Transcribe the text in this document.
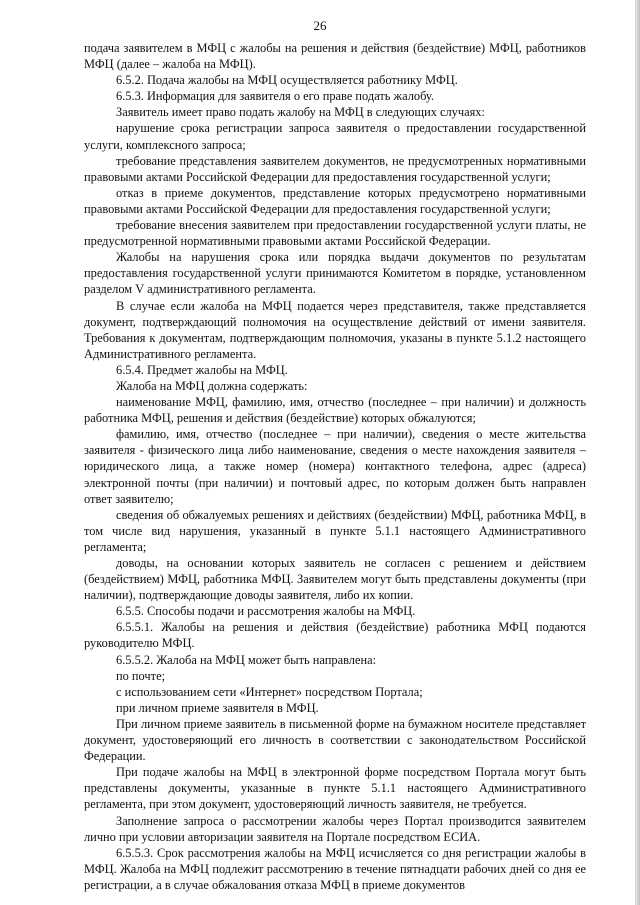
26

подача заявителем в МФЦ с жалобы на решения и действия (бездействие) МФЦ, работников МФЦ (далее – жалоба на МФЦ).

6.5.2. Подача жалобы на МФЦ осуществляется работнику МФЦ.

6.5.3. Информация для заявителя о его праве подать жалобу.

Заявитель имеет право подать жалобу на МФЦ в следующих случаях:

нарушение срока регистрации запроса заявителя о предоставлении государственной услуги, комплексного запроса;

требование представления заявителем документов, не предусмотренных нормативными правовыми актами Российской Федерации для предоставления государственной услуги;

отказ в приеме документов, представление которых предусмотрено нормативными правовыми актами Российской Федерации для предоставления государственной услуги;

требование внесения заявителем при предоставлении государственной услуги платы, не предусмотренной нормативными правовыми актами Российской Федерации.

Жалобы на нарушения срока или порядка выдачи документов по результатам предоставления государственной услуги принимаются Комитетом в порядке, установленном разделом V административного регламента.

В случае если жалоба на МФЦ подается через представителя, также представляется документ, подтверждающий полномочия на осуществление действий от имени заявителя. Требования к документам, подтверждающим полномочия, указаны в пункте 5.1.2 настоящего Административного регламента.

6.5.4. Предмет жалобы на МФЦ.

Жалоба на МФЦ должна содержать:

наименование МФЦ, фамилию, имя, отчество (последнее – при наличии) и должность работника МФЦ, решения и действия (бездействие) которых обжалуются;

фамилию, имя, отчество (последнее – при наличии), сведения о месте жительства заявителя - физического лица либо наименование, сведения о месте нахождения заявителя – юридического лица, а также номер (номера) контактного телефона, адрес (адреса) электронной почты (при наличии) и почтовый адрес, по которым должен быть направлен ответ заявителю;

сведения об обжалуемых решениях и действиях (бездействии) МФЦ, работника МФЦ, в том числе вид нарушения, указанный в пункте 5.1.1 настоящего Административного регламента;

доводы, на основании которых заявитель не согласен с решением и действием (бездействием) МФЦ, работника МФЦ. Заявителем могут быть представлены документы (при наличии), подтверждающие доводы заявителя, либо их копии.

6.5.5. Способы подачи и рассмотрения жалобы на МФЦ.

6.5.5.1. Жалобы на решения и действия (бездействие) работника МФЦ подаются руководителю МФЦ.

6.5.5.2. Жалоба на МФЦ может быть направлена:

по почте;

с использованием сети «Интернет» посредством Портала;

при личном приеме заявителя в МФЦ.

При личном приеме заявитель в письменной форме на бумажном носителе представляет документ, удостоверяющий его личность в соответствии с законодательством Российской Федерации.

При подаче жалобы на МФЦ в электронной форме посредством Портала могут быть представлены документы, указанные в пункте 5.1.1 настоящего Административного регламента, при этом документ, удостоверяющий личность заявителя, не требуется.

Заполнение запроса о рассмотрении жалобы через Портал производится заявителем лично при условии авторизации заявителя на Портале посредством ЕСИА.

6.5.5.3. Срок рассмотрения жалобы на МФЦ исчисляется со дня регистрации жалобы в МФЦ. Жалоба на МФЦ подлежит рассмотрению в течение пятнадцати рабочих дней со дня ее регистрации, а в случае обжалования отказа МФЦ в приеме документов
